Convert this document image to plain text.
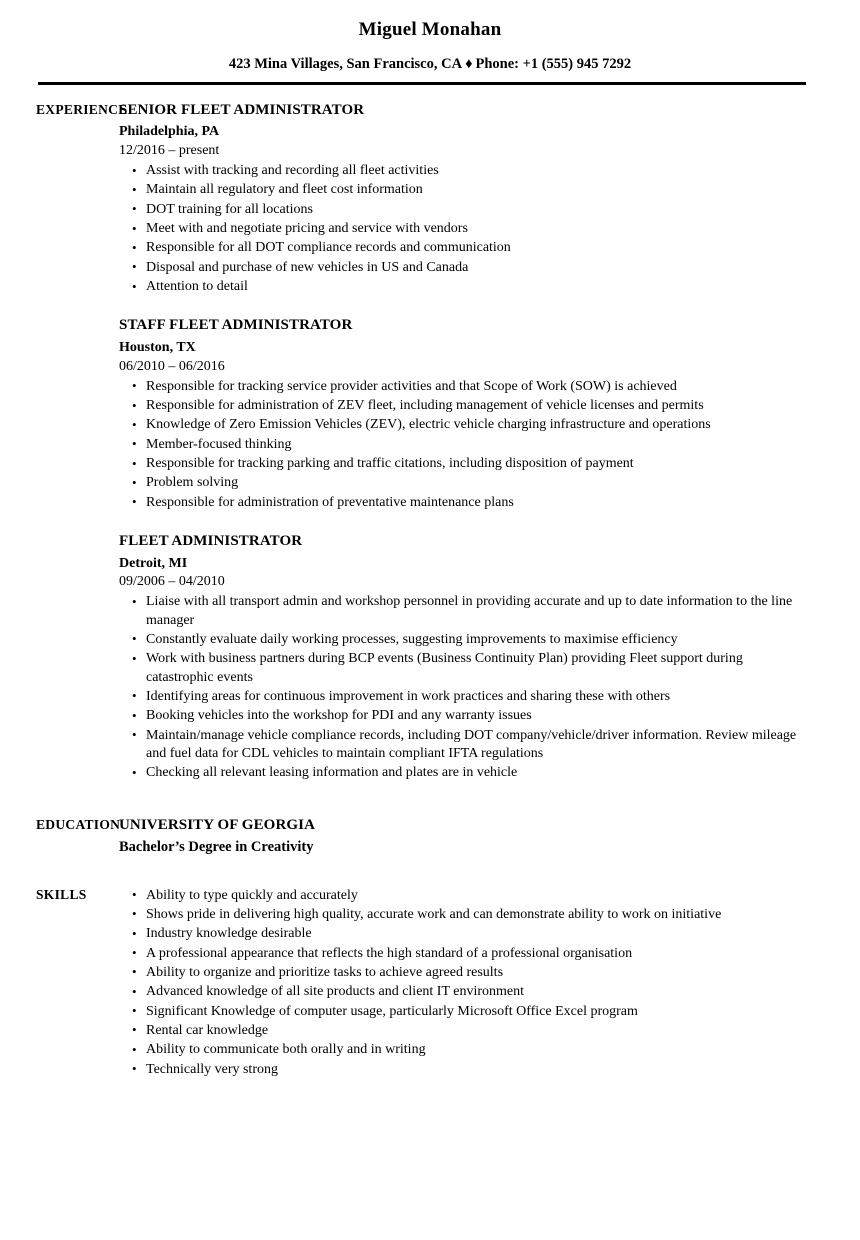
Miguel Monahan
423 Mina Villages, San Francisco, CA ♦ Phone: +1 (555) 945 7292
EXPERIENCE
SENIOR FLEET ADMINISTRATOR
Philadelphia, PA
12/2016 – present
• Assist with tracking and recording all fleet activities
• Maintain all regulatory and fleet cost information
• DOT training for all locations
• Meet with and negotiate pricing and service with vendors
• Responsible for all DOT compliance records and communication
• Disposal and purchase of new vehicles in US and Canada
• Attention to detail
STAFF FLEET ADMINISTRATOR
Houston, TX
06/2010 – 06/2016
• Responsible for tracking service provider activities and that Scope of Work (SOW) is achieved
• Responsible for administration of ZEV fleet, including management of vehicle licenses and permits
• Knowledge of Zero Emission Vehicles (ZEV), electric vehicle charging infrastructure and operations
• Member-focused thinking
• Responsible for tracking parking and traffic citations, including disposition of payment
• Problem solving
• Responsible for administration of preventative maintenance plans
FLEET ADMINISTRATOR
Detroit, MI
09/2006 – 04/2010
• Liaise with all transport admin and workshop personnel in providing accurate and up to date information to the line manager
• Constantly evaluate daily working processes, suggesting improvements to maximise efficiency
• Work with business partners during BCP events (Business Continuity Plan) providing Fleet support during catastrophic events
• Identifying areas for continuous improvement in work practices and sharing these with others
• Booking vehicles into the workshop for PDI and any warranty issues
• Maintain/manage vehicle compliance records, including DOT company/vehicle/driver information. Review mileage and fuel data for CDL vehicles to maintain compliant IFTA regulations
• Checking all relevant leasing information and plates are in vehicle
EDUCATION
UNIVERSITY OF GEORGIA
Bachelor’s Degree in Creativity
SKILLS	• Ability to type quickly and accurately
• Shows pride in delivering high quality, accurate work and can demonstrate ability to work on initiative
• Industry knowledge desirable
• A professional appearance that reflects the high standard of a professional organisation
• Ability to organize and prioritize tasks to achieve agreed results
• Advanced knowledge of all site products and client IT environment
• Significant Knowledge of computer usage, particularly Microsoft Office Excel program
• Rental car knowledge
• Ability to communicate both orally and in writing
• Technically very strong
